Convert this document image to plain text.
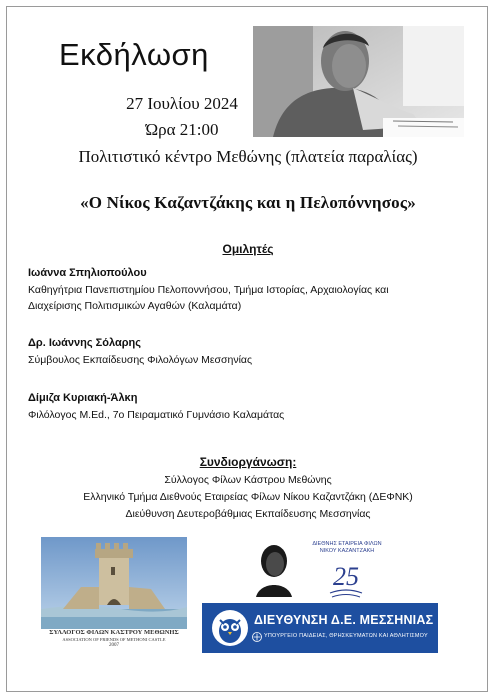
Εκδήλωση
27 Ιουλίου 2024
Ώρα 21:00
Πολιτιστικό κέντρο Μεθώνης (πλατεία παραλίας)
«Ο Νίκος Καζαντζάκης και η Πελοπόννησος»
Ομιλητές
Ιωάννα Σπηλιοπούλου
Καθηγήτρια Πανεπιστημίου Πελοποννήσου, Τμήμα Ιστορίας, Αρχαιολογίας και
Διαχείρισης Πολιτισμικών Αγαθών (Καλαμάτα)
Δρ. Ιωάννης Σόλαρης
Σύμβουλος Εκπαίδευσης Φιλολόγων Μεσσηνίας
Δίμιζα Κυριακή-Άλκη
Φιλόλογος Μ.Ed., 7ο Πειραματικό Γυμνάσιο Καλαμάτας
Συνδιοργάνωση:
Σύλλογος Φίλων Κάστρου Μεθώνης
Ελληνικό Τμήμα Διεθνούς Εταιρείας Φίλων Νίκου Καζαντζάκη (ΔΕΦΝΚ)
Διεύθυνση Δευτεροβάθμιας Εκπαίδευσης Μεσσηνίας
ΣΥΛΛΟΓΟΣ ΦΙΛΩΝ ΚΑΣΤΡΟΥ ΜΕΘΩΝΗΣ
ASSOCIATION OF FRIENDS OF METHONI CASTLE
2007
25
ΔΙΕΘΝΗΣ ΕΤΑΙΡΕΙΑ ΦΙΛΩΝ
ΝΙΚΟΥ ΚΑΖΑΝΤΖΑΚΗ
ΔΙΕΥΘΥΝΣΗ Δ.Ε. ΜΕΣΣΗΝΙΑΣ
ΥΠΟΥΡΓΕΙΟ ΠΑΙΔΕΙΑΣ, ΘΡΗΣΚΕΥΜΑΤΩΝ ΚΑΙ ΑΘΛΗΤΙΣΜΟΥ
